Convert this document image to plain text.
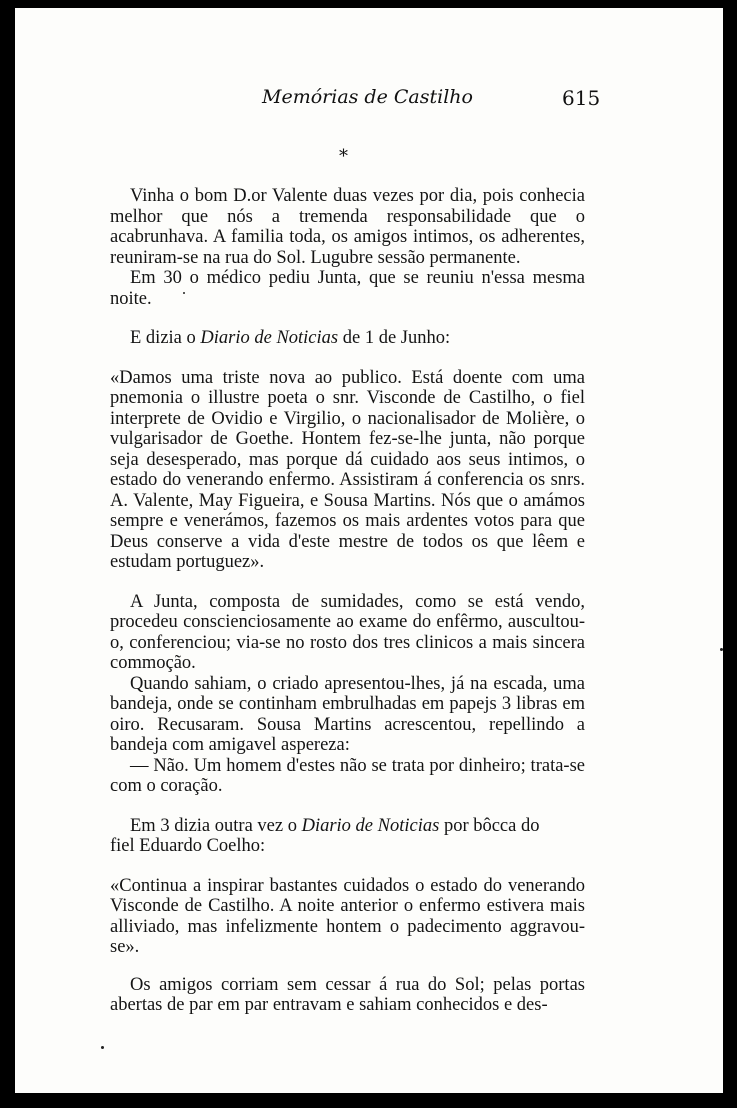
Memórias de Castilho	615
*

Vinha o bom D.or Valente duas vezes por dia, pois conhecia melhor que nós a tremenda responsabilidade que o acabrunhava. A familia toda, os amigos intimos, os adherentes, reuniram-se na rua do Sol. Lugubre sessão permanente.

Em 30 o médico pediu Junta, que se reuniu n'essa mesma noite.

E dizia o Diario de Noticias de 1 de Junho:

«Damos uma triste nova ao publico. Está doente com uma pnemonia o illustre poeta o snr. Visconde de Castilho, o fiel interprete de Ovidio e Virgilio, o nacionalisador de Molière, o vulgarisador de Goethe. Hontem fez-se-lhe junta, não porque seja desesperado, mas porque dá cuidado aos seus intimos, o estado do venerando enfermo. Assistiram á conferencia os snrs. A. Valente, May Figueira, e Sousa Martins. Nós que o amámos sempre e venerámos, fazemos os mais ardentes votos para que Deus conserve a vida d'este mestre de todos os que lêem e estudam portuguez».

A Junta, composta de sumidades, como se está vendo, procedeu conscienciosamente ao exame do enfêrmo, auscultou-o, conferenciou; via-se no rosto dos tres clinicos a mais sincera commoção.

Quando sahiam, o criado apresentou-lhes, já na escada, uma bandeja, onde se continham embrulhadas em papejs 3 libras em oiro. Recusaram. Sousa Martins acrescentou, repellindo a bandeja com amigavel aspereza:

— Não. Um homem d'estes não se trata por dinheiro; trata-se com o coração.

Em 3 dizia outra vez o Diario de Noticias por bôcca do
fiel Eduardo Coelho:

«Continua a inspirar bastantes cuidados o estado do venerando Visconde de Castilho. A noite anterior o enfermo estivera mais alliviado, mas infelizmente hontem o padecimento aggravou-se».

Os amigos corriam sem cessar á rua do Sol; pelas portas abertas de par em par entravam e sahiam conhecidos e des-
